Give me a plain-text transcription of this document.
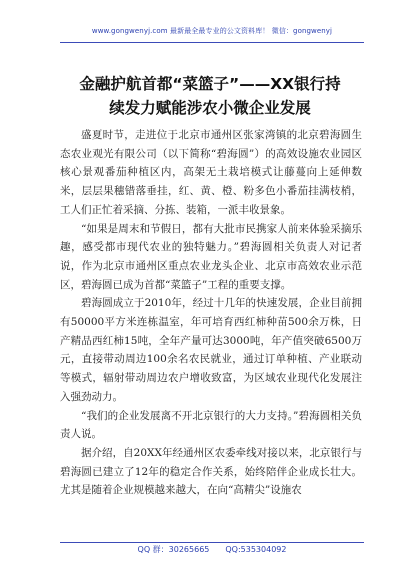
www.gongwenyj.com 最新最全最专业的公文资料库！ 微信：gongwenyj
金融护航首都“菜篮子”——XX银行持
续发力赋能涉农小微企业发展

盛夏时节，走进位于北京市通州区张家湾镇的北京碧海圆生态农业观光有限公司（以下简称“碧海圆”）的高效设施农业园区核心景观番茄种植区内，高架无土栽培模式让藤蔓向上延伸数米，层层果穗错落垂挂，红、黄、橙、粉多色小番茄挂满枝梢，工人们正忙着采摘、分拣、装箱，一派丰收景象。

“如果是周末和节假日，都有大批市民携家人前来体验采摘乐趣，感受都市现代农业的独特魅力。”碧海圆相关负责人对记者说，作为北京市通州区重点农业龙头企业、北京市高效农业示范区，碧海圆已成为首都“菜篮子”工程的重要支撑。

碧海圆成立于2010年，经过十几年的快速发展，企业目前拥有50000平方米连栋温室，年可培育西红柿种苗500余万株，日产精品西红柿15吨，全年产量可达3000吨，年产值突破6500万元，直接带动周边100余名农民就业，通过订单种植、产业联动等模式，辐射带动周边农户增收致富，为区域农业现代化发展注入强劲动力。

“我们的企业发展离不开北京银行的大力支持。”碧海圆相关负责人说。

据介绍，自20XX年经通州区农委牵线对接以来，北京银行与碧海圆已建立了12年的稳定合作关系，始终陪伴企业成长壮大。尤其是随着企业规模越来越大，在向“高精尖”设施农

QQ 群：30265665 QQ:535304092
